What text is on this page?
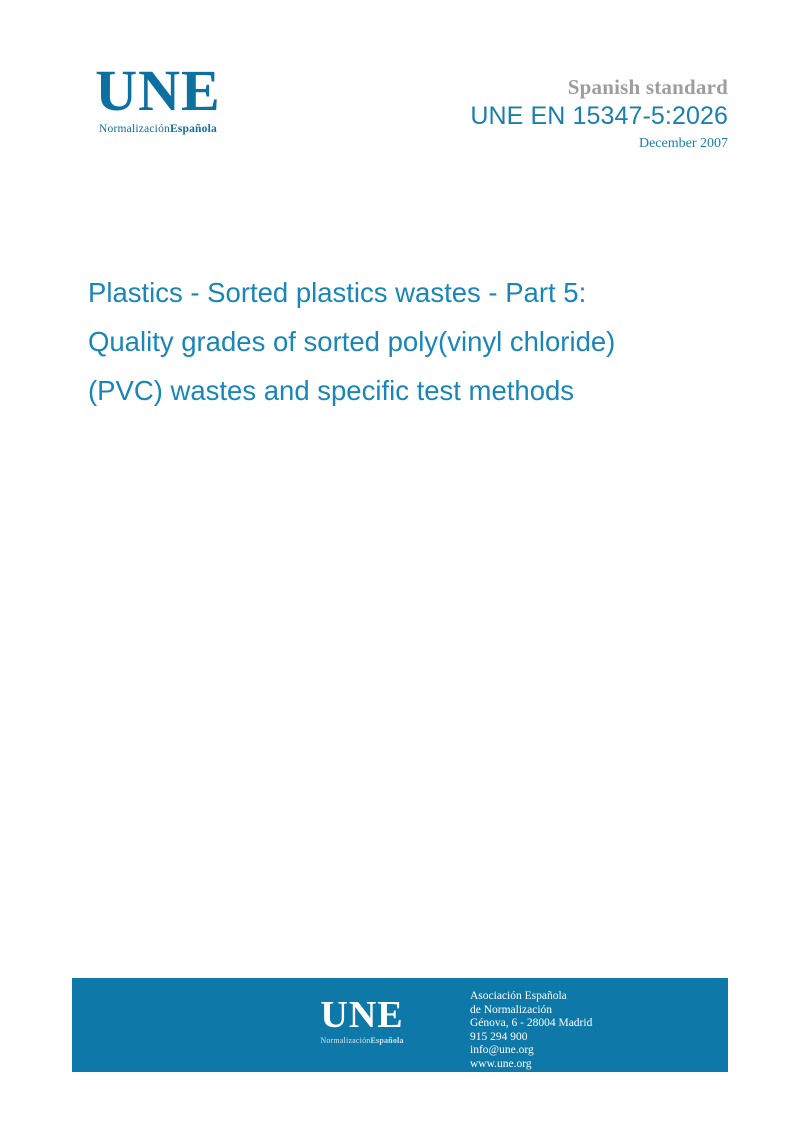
UNE
NormalizaciónEspañola
Spanish standard
UNE EN 15347-5:2026
December 2007
Plastics - Sorted plastics wastes - Part 5:
Quality grades of sorted poly(vinyl chloride)
(PVC) wastes and specific test methods
UNE
NormalizaciónEspañola
Asociación Española
de Normalización
Génova, 6 - 28004 Madrid
915 294 900
info@une.org
www.une.org
